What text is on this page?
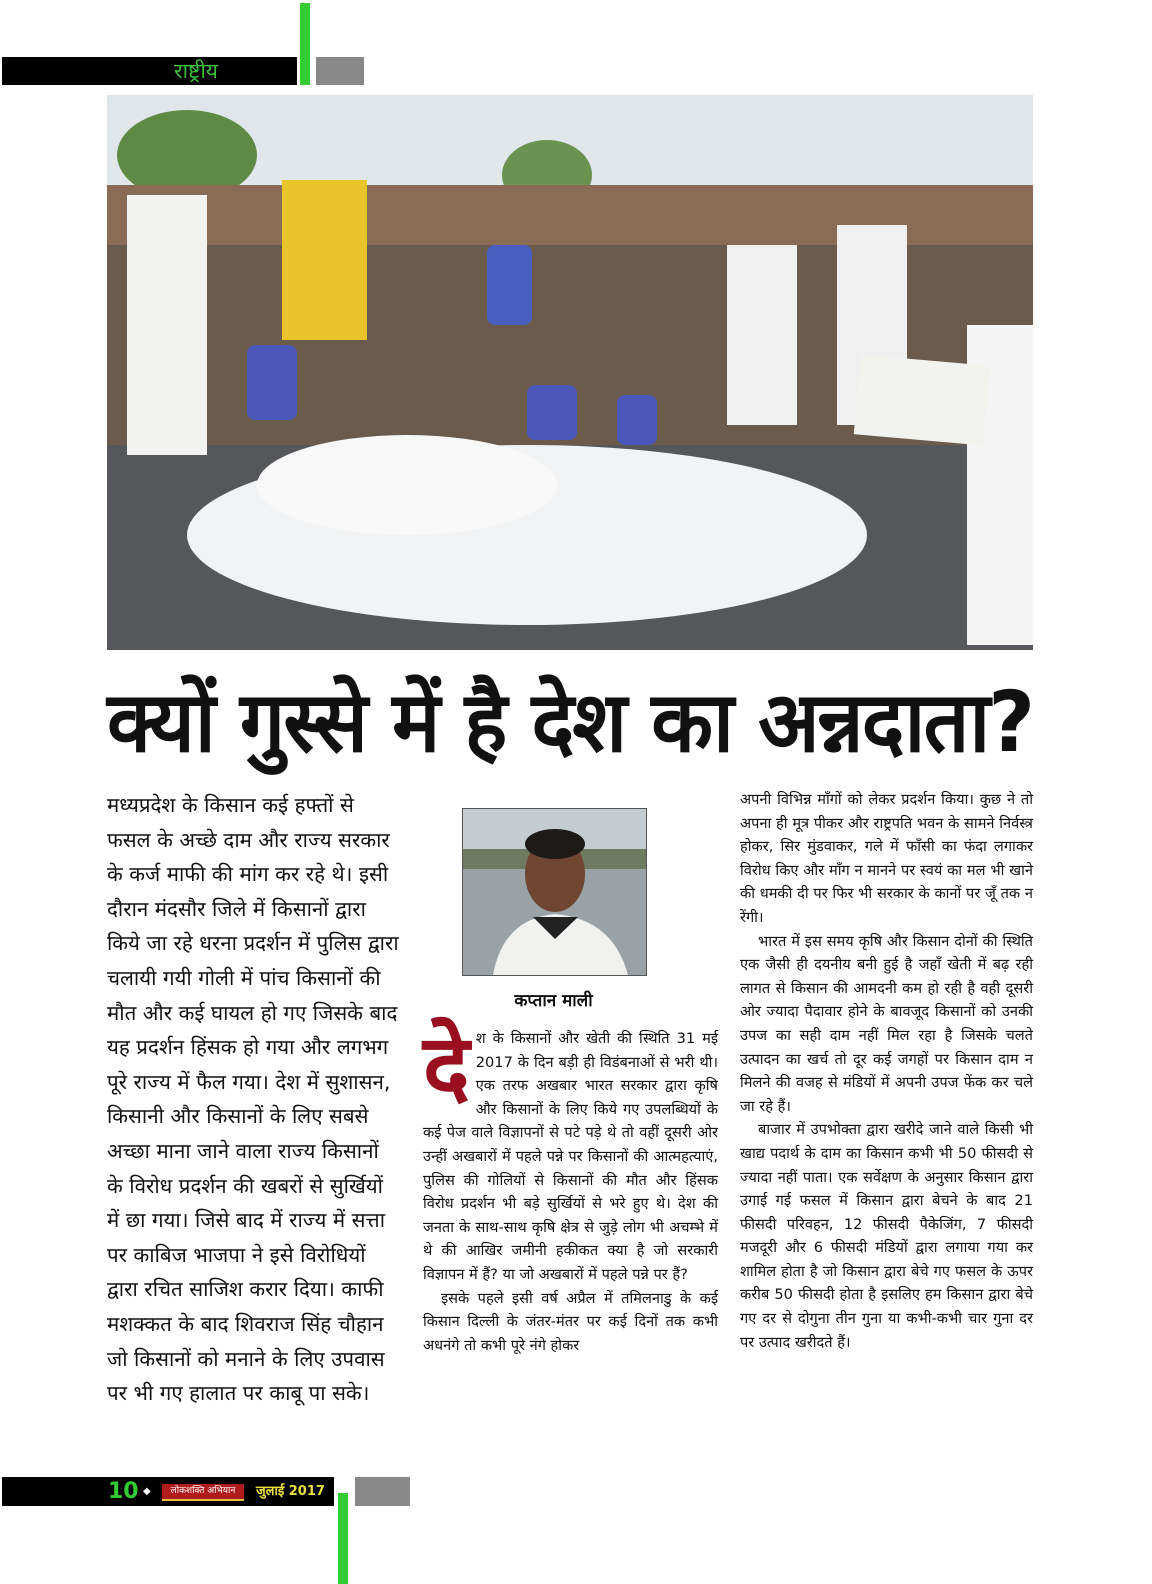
राष्ट्रीय
क्यों गुस्से में है देश का अन्नदाता?

मध्यप्रदेश के किसान कई हफ्तों से फसल के अच्छे दाम और राज्य सरकार के कर्ज माफी की मांग कर रहे थे। इसी दौरान मंदसौर जिले में किसानों द्वारा किये जा रहे धरना प्रदर्शन में पुलिस द्वारा चलायी गयी गोली में पांच किसानों की मौत और कई घायल हो गए जिसके बाद यह प्रदर्शन हिंसक हो गया और लगभग पूरे राज्य में फैल गया। देश में सुशासन, किसानी और किसानों के लिए सबसे अच्छा माना जाने वाला राज्य किसानों के विरोध प्रदर्शन की खबरों से सुर्खियों में छा गया। जिसे बाद में राज्य में सत्ता पर काबिज भाजपा ने इसे विरोधियों द्वारा रचित साजिश करार दिया। काफी मशक्कत के बाद शिवराज सिंह चौहान जो किसानों को मनाने के लिए उपवास पर भी गए हालात पर काबू पा सके।

कप्तान माली
दे श के किसानों और खेती की स्थिति 31 मई 2017 के दिन बड़ी ही विडंबनाओं से भरी थी। एक तरफ अखबार भारत सरकार द्वारा कृषि और किसानों के लिए किये गए उपलब्धियों के कई पेज वाले विज्ञापनों से पटे पड़े थे तो वहीं दूसरी ओर उन्हीं अखबारों में पहले पन्ने पर किसानों की आत्महत्याएं, पुलिस की गोलियों से किसानों की मौत और हिंसक विरोध प्रदर्शन भी बड़े सुर्खियों से भरे हुए थे। देश की जनता के साथ-साथ कृषि क्षेत्र से जुड़े लोग भी अचम्भे में थे की आखिर जमीनी हकीकत क्या है जो सरकारी विज्ञापन में हैं? या जो अखबारों में पहले पन्ने पर हैं?

इसके पहले इसी वर्ष अप्रैल में तमिलनाडु के कई किसान दिल्ली के जंतर-मंतर पर कई दिनों तक कभी अधनंगे तो कभी पूरे नंगे होकर

अपनी विभिन्न माँगों को लेकर प्रदर्शन किया। कुछ ने तो अपना ही मूत्र पीकर और राष्ट्रपति भवन के सामने निर्वस्त्र होकर, सिर मुंडवाकर, गले में फाँसी का फंदा लगाकर विरोध किए और माँग न मानने पर स्वयं का मल भी खाने की धमकी दी पर फिर भी सरकार के कानों पर जूँ तक न रेंगी।

भारत में इस समय कृषि और किसान दोनों की स्थिति एक जैसी ही दयनीय बनी हुई है जहाँ खेती में बढ़ रही लागत से किसान की आमदनी कम हो रही है वही दूसरी ओर ज्यादा पैदावार होने के बावजूद किसानों को उनकी उपज का सही दाम नहीं मिल रहा है जिसके चलते उत्पादन का खर्च तो दूर कई जगहों पर किसान दाम न मिलने की वजह से मंडियों में अपनी उपज फेंक कर चले जा रहे हैं।

बाजार में उपभोक्ता द्वारा खरीदे जाने वाले किसी भी खाद्य पदार्थ के दाम का किसान कभी भी 50 फीसदी से ज्यादा नहीं पाता। एक सर्वेक्षण के अनुसार किसान द्वारा उगाई गई फसल में किसान द्वारा बेचने के बाद 21 फीसदी परिवहन, 12 फीसदी पैकेजिंग, 7 फीसदी मजदूरी और 6 फीसदी मंडियों द्वारा लगाया गया कर शामिल होता है जो किसान द्वारा बेचे गए फसल के ऊपर करीब 50 फीसदी होता है इसलिए हम किसान द्वारा बेचे गए दर से दोगुना तीन गुना या कभी-कभी चार गुना दर पर उत्पाद खरीदते हैं।

10 ◆	लोकशक्ति अभियान	जुलाई 2017
